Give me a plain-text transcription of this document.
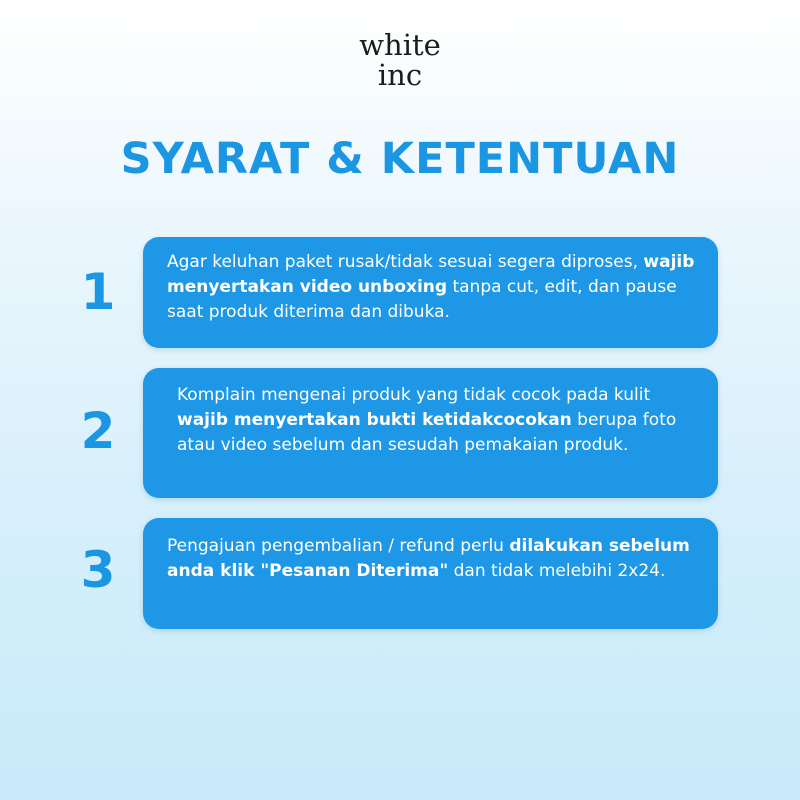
white
inc
SYARAT & KETENTUAN
1
Agar keluhan paket rusak/tidak sesuai segera diproses, wajib menyertakan video unboxing tanpa cut, edit, dan pause saat produk diterima dan dibuka.
2
Komplain mengenai produk yang tidak cocok pada kulit wajib menyertakan bukti ketidakcocokan berupa foto atau video sebelum dan sesudah pemakaian produk.
3	Pengajuan pengembalian / refund perlu dilakukan sebelum anda klik "Pesanan Diterima" dan tidak melebihi 2x24.
